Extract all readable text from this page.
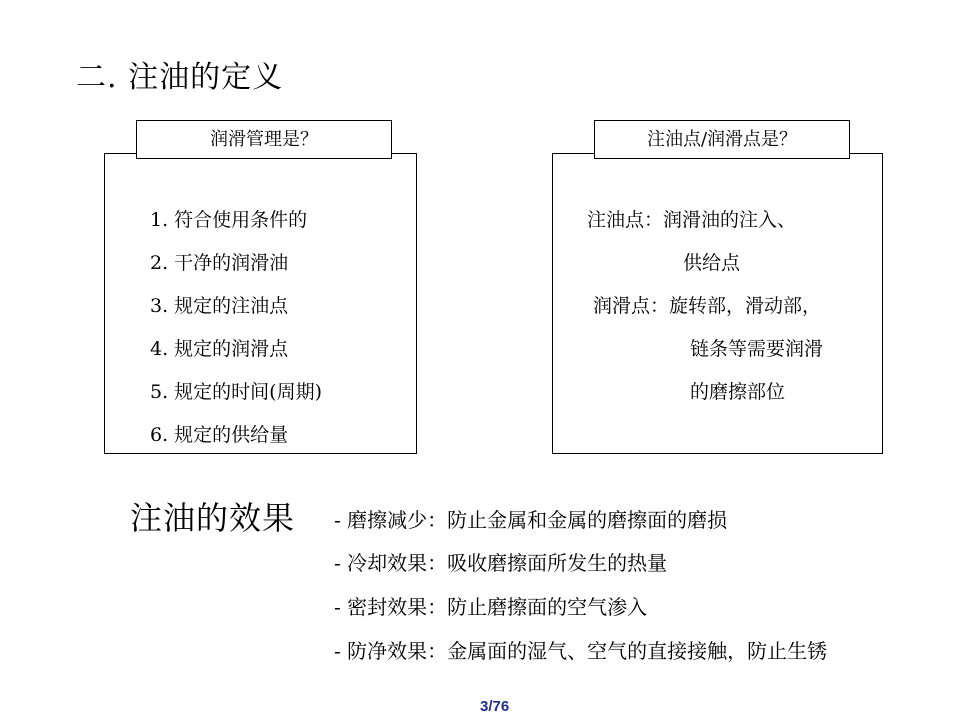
二. 注油的定义
润滑管理是？
1. 符合使用条件的
2. 干净的润滑油
3. 规定的注油点
4. 规定的润滑点
5. 规定的时间(周期)
6. 规定的供给量
注油点/润滑点是？
注油点：润滑油的注入、
供给点
润滑点：旋转部，滑动部，
链条等需要润滑
的磨擦部位
注油的效果 - 磨擦减少：防止金属和金属的磨擦面的磨损
- 冷却效果：吸收磨擦面所发生的热量
- 密封效果：防止磨擦面的空气渗入
- 防净效果：金属面的湿气、空气的直接接触，防止生锈
3/76
